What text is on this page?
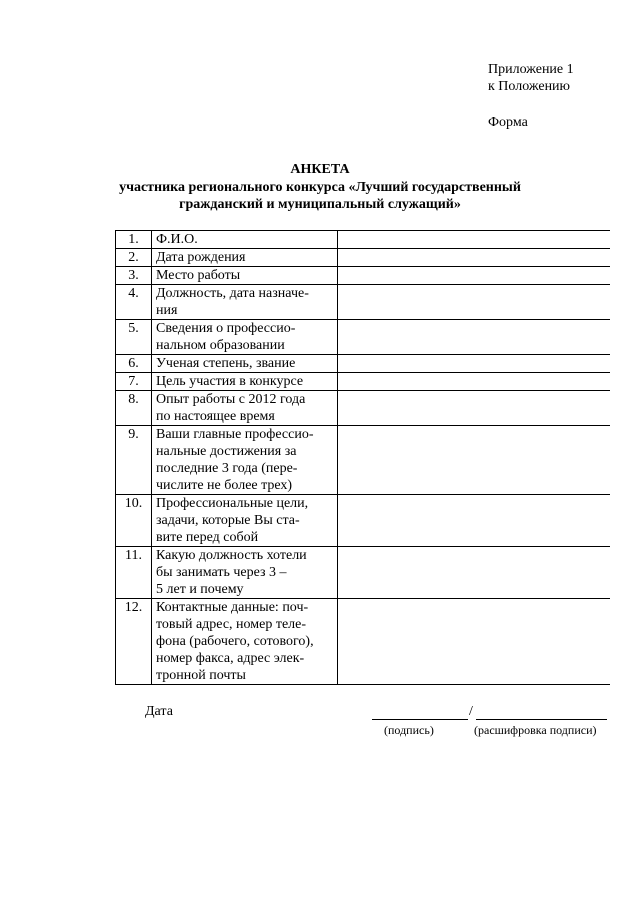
Приложение 1
к Положению
Форма
АНКЕТА
участника регионального конкурса «Лучший государственный
гражданский и муниципальный служащий»
1.	Ф.И.О.	

2.	Дата рождения	

3.	Место работы	

4.	Должность, дата назначе-
ния	

5.	Сведения о профессио-
нальном образовании	

6.	Ученая степень, звание	

7.	Цель участия в конкурсе	

8.	Опыт работы с 2012 года
по настоящее время	

9.	Ваши главные профессио-
нальные достижения за
последние 3 года (пере-
числите не более трех)	

10.	Профессиональные цели,
задачи, которые Вы ста-
вите перед собой	

11.	Какую должность хотели
бы занимать через 3 –
5 лет и почему	

12.	Контактные данные: поч-
товый адрес, номер теле-
фона (рабочего, сотового),
номер факса, адрес элек-
тронной почты	

Дата	/
(подпись)	(расшифровка подписи)
